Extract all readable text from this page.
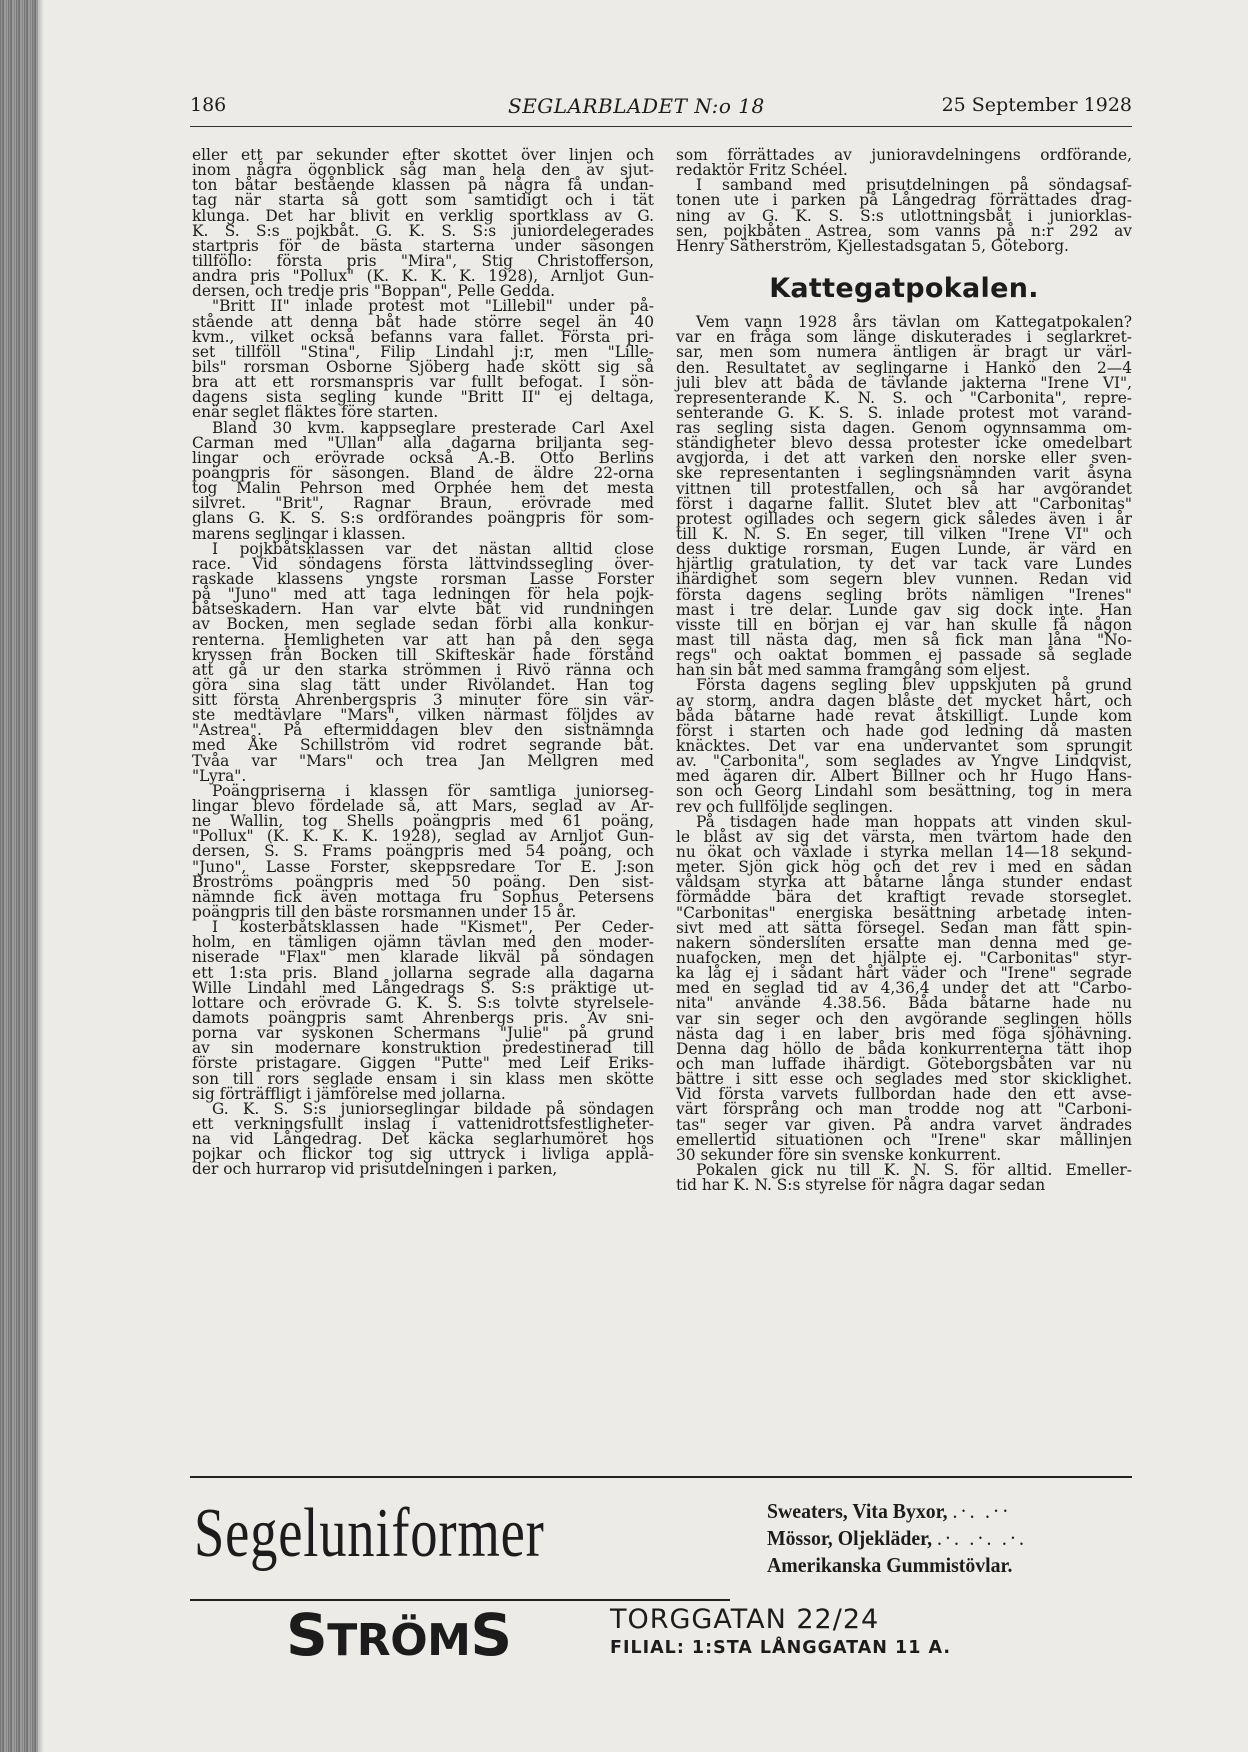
186	SEGLARBLADET N:o 18	25 September 1928

eller ett par sekunder efter skottet över linjen och
inom några ögonblick såg man hela den av sjut-
ton båtar bestående klassen på några få undan-
tag när starta så gott som samtidigt och i tät
klunga. Det har blivit en verklig sportklass av G.
K. S. S:s pojkbåt. G. K. S. S:s juniordelegerades
startpris för de bästa starterna under säsongen
tillföllo: första pris "Mira", Stig Christofferson,
andra pris "Pollux" (K. K. K. K. 1928), Arnljot Gun-
dersen, och tredje pris "Boppan", Pelle Gedda.

"Britt II" inlade protest mot "Lillebil" under på-
stående att denna båt hade större segel än 40
kvm., vilket också befanns vara fallet. Första pri-
set tillföll "Stina", Filip Lindahl j:r, men "Lille-
bils" rorsman Osborne Sjöberg hade skött sig så
bra att ett rorsmanspris var fullt befogat. I sön-
dagens sista segling kunde "Britt II" ej deltaga,
enär seglet fläktes före starten.

Bland 30 kvm. kappseglare presterade Carl Axel
Carman med "Ullan" alla dagarna briljanta seg-
lingar och erövrade också A.-B. Otto Berlins
poängpris för säsongen. Bland de äldre 22-orna
tog Malin Pehrson med Orphée hem det mesta
silvret. "Brit", Ragnar Braun, erövrade med
glans G. K. S. S:s ordförandes poängpris för som-
marens seglingar i klassen.

I pojkbåtsklassen var det nästan alltid close
race. Vid söndagens första lättvindssegling över-
raskade klassens yngste rorsman Lasse Forster
på "Juno" med att taga ledningen för hela pojk-
båtseskadern. Han var elvte båt vid rundningen
av Bocken, men seglade sedan förbi alla konkur-
renterna. Hemligheten var att han på den sega
kryssen från Bocken till Skifteskär hade förstånd
att gå ur den starka strömmen i Rivö ränna och
göra sina slag tätt under Rivölandet. Han tog
sitt första Ahrenbergspris 3 minuter före sin vär-
ste medtävlare "Mars", vilken närmast följdes av
"Astrea". På eftermiddagen blev den sistnämnda
med Åke Schillström vid rodret segrande båt.
Tvåa var "Mars" och trea Jan Mellgren med
"Lyra".

Poängpriserna i klassen för samtliga juniorseg-
lingar blevo fördelade så, att Mars, seglad av Ar-
ne Wallin, tog Shells poängpris med 61 poäng,
"Pollux" (K. K. K. K. 1928), seglad av Arnljot Gun-
dersen, S. S. Frams poängpris med 54 poäng, och
"Juno", Lasse Forster, skeppsredare Tor E. J:son
Broströms poängpris med 50 poäng. Den sist-
nämnde fick även mottaga fru Sophus Petersens
poängpris till den bäste rorsmannen under 15 år.

I kosterbåtsklassen hade "Kismet", Per Ceder-
holm, en tämligen ojämn tävlan med den moder-
niserade "Flax" men klarade likväl på söndagen
ett 1:sta pris. Bland jollarna segrade alla dagarna
Wille Lindahl med Långedrags S. S:s präktige ut-
lottare och erövrade G. K. S. S:s tolvte styrelsele-
damots poängpris samt Ahrenbergs pris. Av sni-
porna var syskonen Schermans "Julie" på grund
av sin modernare konstruktion predestinerad till
förste pristagare. Giggen "Putte" med Leif Eriks-
son till rors seglade ensam i sin klass men skötte
sig förträffligt i jämförelse med jollarna.

G. K. S. S:s juniorseglingar bildade på söndagen
ett verkningsfullt inslag i vattenidrottsfestligheter-
na vid Långedrag. Det käcka seglarhumöret hos
pojkar och flickor tog sig uttryck i livliga applå-
der och hurrarop vid prisutdelningen i parken,

som förrättades av junioravdelningens ordförande,
redaktör Fritz Schéel.

I samband med prisutdelningen på söndagsaf-
tonen ute i parken på Långedrag förrättades drag-
ning av G. K. S. S:s utlottningsbåt i juniorklas-
sen, pojkbåten Astrea, som vanns på n:r 292 av
Henry Sätherström, Kjellestadsgatan 5, Göteborg.

Kattegatpokalen.

Vem vann 1928 års tävlan om Kattegatpokalen?
var en fråga som länge diskuterades i seglarkret-
sar, men som numera äntligen är bragt ur värl-
den. Resultatet av seglingarne i Hankö den 2—4
juli blev att båda de tävlande jakterna "Irene VI",
representerande K. N. S. och "Carbonita", repre-
senterande G. K. S. S. inlade protest mot varand-
ras segling sista dagen. Genom ogynnsamma om-
ständigheter blevo dessa protester icke omedelbart
avgjorda, i det att varken den norske eller sven-
ske representanten i seglingsnämnden varit åsyna
vittnen till protestfallen, och så har avgörandet
först i dagarne fallit. Slutet blev att "Carbonitas"
protest ogillades och segern gick således även i år
till K. N. S. En seger, till vilken "Irene VI" och
dess duktige rorsman, Eugen Lunde, är värd en
hjärtlig gratulation, ty det var tack vare Lundes
ihärdighet som segern blev vunnen. Redan vid
första dagens segling bröts nämligen "Irenes"
mast i tre delar. Lunde gav sig dock inte. Han
visste till en början ej var han skulle få någon
mast till nästa dag, men så fick man låna "No-
regs" och oaktat bommen ej passade så seglade
han sin båt med samma framgång som eljest.

Första dagens segling blev uppskjuten på grund
av storm, andra dagen blåste det mycket hårt, och
båda båtarne hade revat åtskilligt. Lunde kom
först i starten och hade god ledning då masten
knäcktes. Det var ena undervantet som sprungit
av. "Carbonita", som seglades av Yngve Lindqvist,
med ägaren dir. Albert Billner och hr Hugo Hans-
son och Georg Lindahl som besättning, tog in mera
rev och fullföljde seglingen.

På tisdagen hade man hoppats att vinden skul-
le blåst av sig det värsta, men tvärtom hade den
nu ökat och växlade i styrka mellan 14—18 sekund-
meter. Sjön gick hög och det rev i med en sådan
våldsam styrka att båtarne långa stunder endast
förmådde bära det kraftigt revade storseglet.
"Carbonitas" energiska besättning arbetade inten-
sivt med att sätta försegel. Sedan man fått spin-
nakern sönderslíten ersatte man denna med ge-
nuafocken, men det hjälpte ej. "Carbonitas" styr-
ka låg ej i sådant hårt väder och "Irene" segrade
med en seglad tid av 4,36,4 under det att "Carbo-
nita" använde 4.38.56. Båda båtarne hade nu
var sin seger och den avgörande seglingen hölls
nästa dag i en laber bris med föga sjöhävning.
Denna dag höllo de båda konkurrenterna tätt ihop
och man luffade ihärdigt. Göteborgsbåten var nu
bättre i sitt esse och seglades med stor skicklighet.
Vid första varvets fullbordan hade den ett avse-
värt försprång och man trodde nog att "Carboni-
tas" seger var given. På andra varvet ändrades
emellertid situationen och "Irene" skar mållinjen
30 sekunder före sin svenske konkurrent.

Pokalen gick nu till K. N. S. för alltid. Emeller-
tid har K. N. S:s styrelse för några dagar sedan

Segeluniformer	Sweaters, Vita Byxor, .·. .··
Mössor, Oljekläder, .·. .·. .·.
Amerikanska Gummistövlar.
STRÖMS	TORGGATAN 22/24
FILIAL: 1:STA LÅNGGATAN 11 A.
